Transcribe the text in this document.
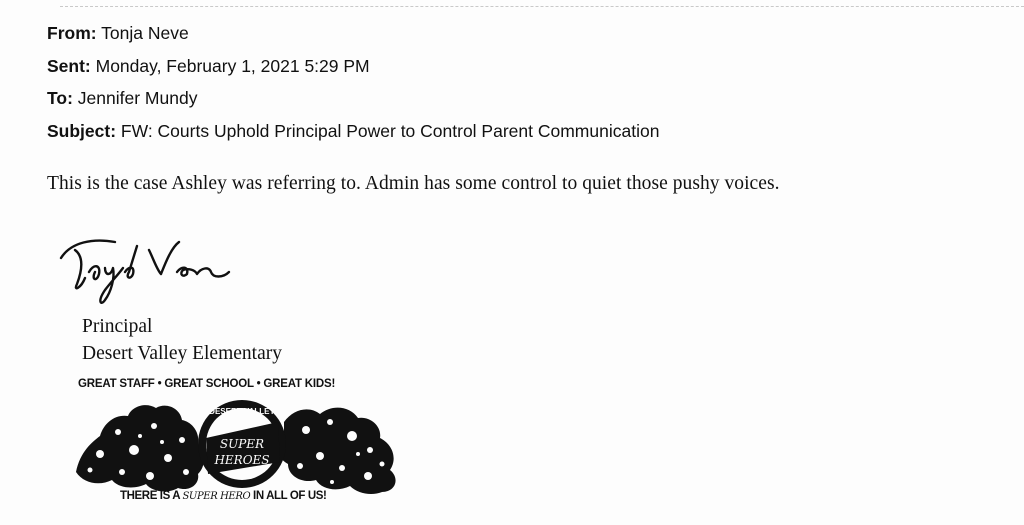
From: Tonja Neve
Sent: Monday, February 1, 2021 5:29 PM
To: Jennifer Mundy
Subject: FW: Courts Uphold Principal Power to Control Parent Communication
This is the case Ashley was referring to. Admin has some control to quiet those pushy voices.
Principal
Desert Valley Elementary
GREAT STAFF • GREAT SCHOOL • GREAT KIDS!
SUPER
HEROES
DESERT VALLEY
THERE IS A SUPER HERO IN ALL OF US!
